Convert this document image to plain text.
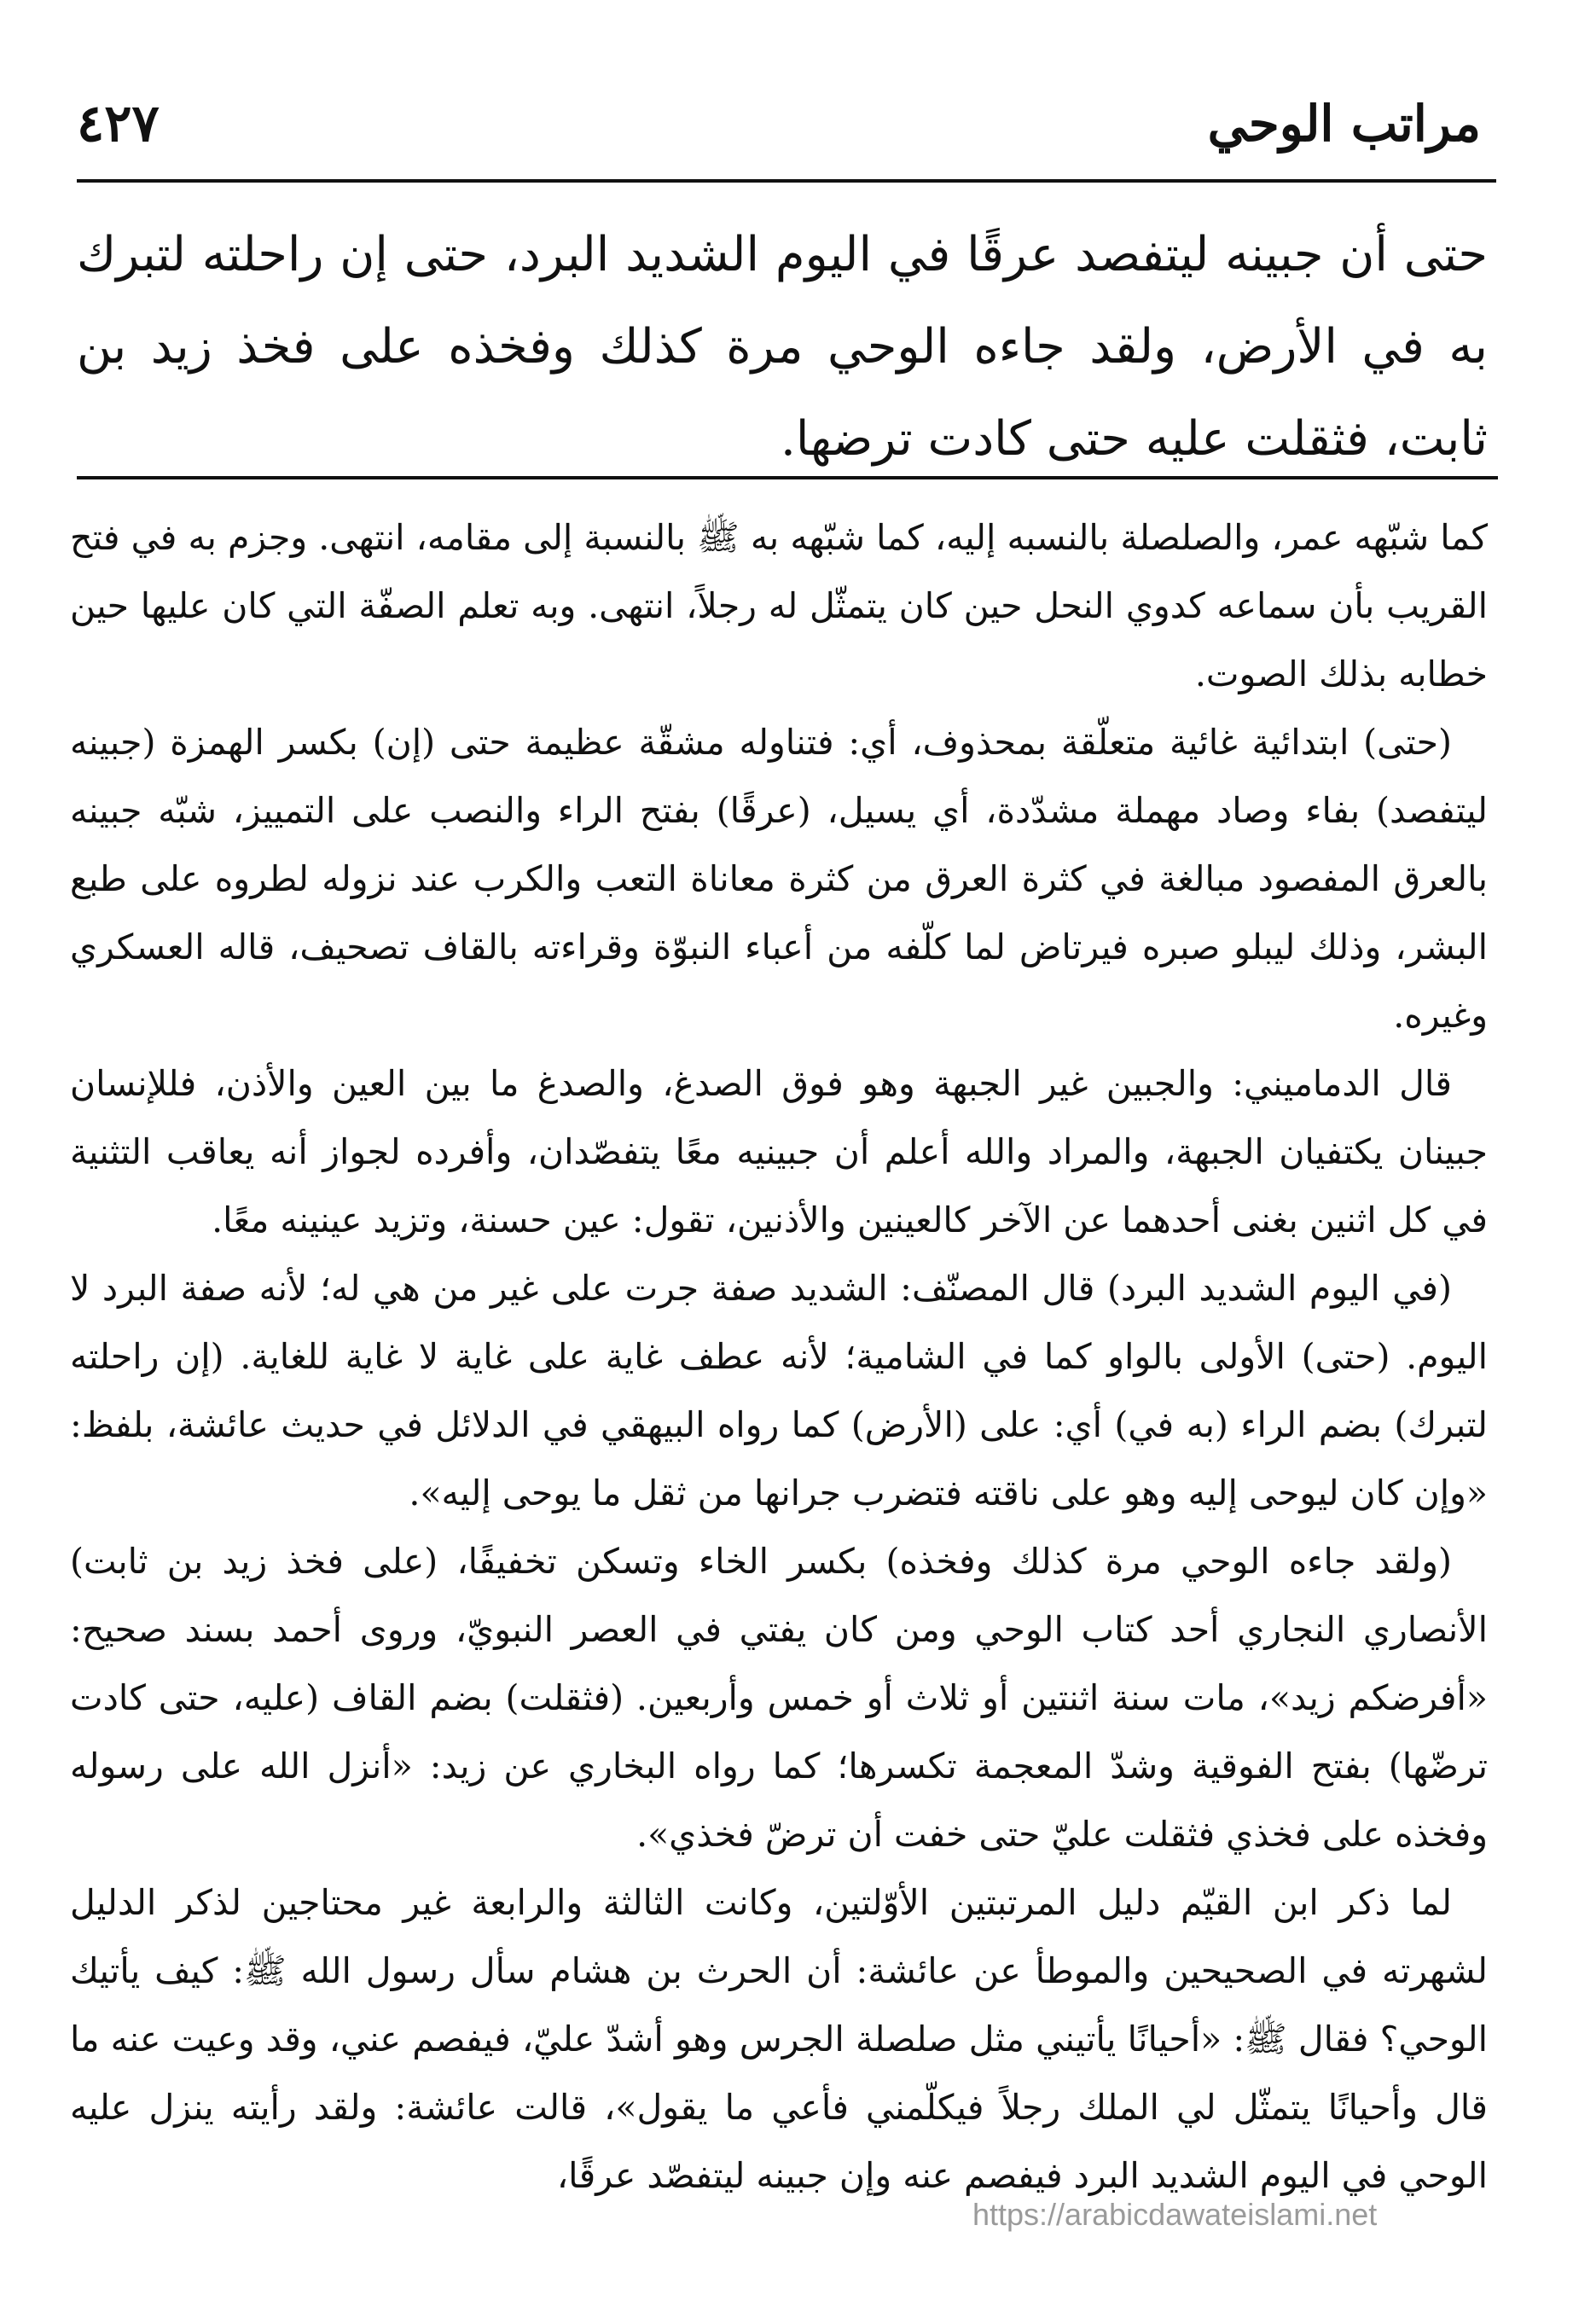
مراتب الوحي
٤٢٧
حتى أن جبينه ليتفصد عرقًا في اليوم الشديد البرد، حتى إن راحلته لتبرك به في الأرض، ولقد جاءه الوحي مرة كذلك وفخذه على فخذ زيد بن ثابت، فثقلت عليه حتى كادت ترضها.

كما شبّهه عمر، والصلصلة بالنسبه إليه، كما شبّهه به ﷺ بالنسبة إلى مقامه، انتهى. وجزم به في فتح القريب بأن سماعه كدوي النحل حين كان يتمثّل له رجلاً، انتهى. وبه تعلم الصفّة التي كان عليها حين خطابه بذلك الصوت.

(حتى) ابتدائية غائية متعلّقة بمحذوف، أي: فتناوله مشقّة عظيمة حتى (إن) بكسر الهمزة (جبينه ليتفصد) بفاء وصاد مهملة مشدّدة، أي يسيل، (عرقًا) بفتح الراء والنصب على التمييز، شبّه جبينه بالعرق المفصود مبالغة في كثرة العرق من كثرة معاناة التعب والكرب عند نزوله لطروه على طبع البشر، وذلك ليبلو صبره فيرتاض لما كلّفه من أعباء النبوّة وقراءته بالقاف تصحيف، قاله العسكري وغيره.

قال الدماميني: والجبين غير الجبهة وهو فوق الصدغ، والصدغ ما بين العين والأذن، فللإنسان جبينان يكتفيان الجبهة، والمراد والله أعلم أن جبينيه معًا يتفصّدان، وأفرده لجواز أنه يعاقب التثنية في كل اثنين بغنى أحدهما عن الآخر كالعينين والأذنين، تقول: عين حسنة، وتزيد عينينه معًا.

(في اليوم الشديد البرد) قال المصنّف: الشديد صفة جرت على غير من هي له؛ لأنه صفة البرد لا اليوم. (حتى) الأولى بالواو كما في الشامية؛ لأنه عطف غاية على غاية لا غاية للغاية. (إن راحلته لتبرك) بضم الراء (به في) أي: على (الأرض) كما رواه البيهقي في الدلائل في حديث عائشة، بلفظ: «وإن كان ليوحى إليه وهو على ناقته فتضرب جرانها من ثقل ما يوحى إليه».

(ولقد جاءه الوحي مرة كذلك وفخذه) بكسر الخاء وتسكن تخفيفًا، (على فخذ زيد بن ثابت) الأنصاري النجاري أحد كتاب الوحي ومن كان يفتي في العصر النبويّ، وروى أحمد بسند صحيح: «أفرضكم زيد»، مات سنة اثنتين أو ثلاث أو خمس وأربعين. (فثقلت) بضم القاف (عليه، حتى كادت ترضّها) بفتح الفوقية وشدّ المعجمة تكسرها؛ كما رواه البخاري عن زيد: «أنزل الله على رسوله وفخذه على فخذي فثقلت عليّ حتى خفت أن ترضّ فخذي».

لما ذكر ابن القيّم دليل المرتبتين الأوّلتين، وكانت الثالثة والرابعة غير محتاجين لذكر الدليل لشهرته في الصحيحين والموطأ عن عائشة: أن الحرث بن هشام سأل رسول الله ﷺ: كيف يأتيك الوحي؟ فقال ﷺ: «أحيانًا يأتيني مثل صلصلة الجرس وهو أشدّ عليّ، فيفصم عني، وقد وعيت عنه ما قال وأحيانًا يتمثّل لي الملك رجلاً فيكلّمني فأعي ما يقول»، قالت عائشة: ولقد رأيته ينزل عليه الوحي في اليوم الشديد البرد فيفصم عنه وإن جبينه ليتفصّد عرقًا،

https://arabicdawateislami.net
